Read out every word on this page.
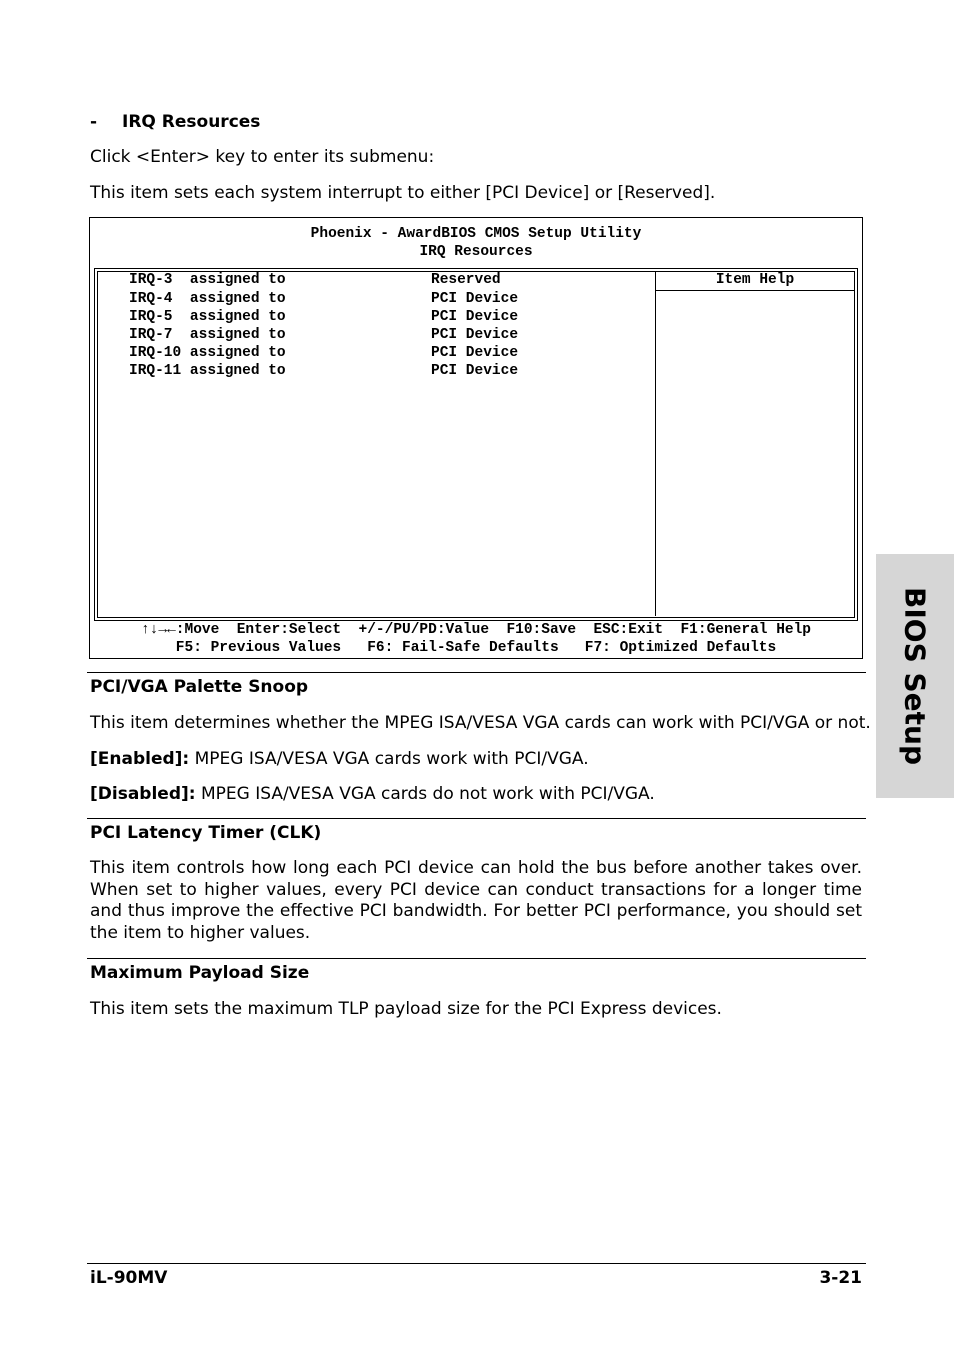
- IRQ Resources
Click <Enter> key to enter its submenu:
This item sets each system interrupt to either [PCI Device] or [Reserved].
Phoenix - AwardBIOS CMOS Setup Utility
IRQ Resources
Item Help
IRQ-3  assigned to	Reserved
IRQ-4  assigned to	PCI Device
IRQ-5  assigned to	PCI Device
IRQ-7  assigned to	PCI Device
IRQ-10 assigned to	PCI Device
IRQ-11 assigned to	PCI Device
↑↓→←:Move  Enter:Select  +/-/PU/PD:Value  F10:Save  ESC:Exit  F1:General Help
F5: Previous Values   F6: Fail-Safe Defaults   F7: Optimized Defaults
PCI/VGA Palette Snoop
This item determines whether the MPEG ISA/VESA VGA cards can work with PCI/VGA or not.
[Enabled]: MPEG ISA/VESA VGA cards work with PCI/VGA.
[Disabled]: MPEG ISA/VESA VGA cards do not work with PCI/VGA.
PCI Latency Timer (CLK)
This item controls how long each PCI device can hold the bus before another takes over. When set to higher values, every PCI device can conduct transactions for a longer time and thus improve the effective PCI bandwidth. For better PCI performance, you should set the item to higher values.
Maximum Payload Size
This item sets the maximum TLP payload size for the PCI Express devices.
BIOS Setup
iL-90MV	3-21
